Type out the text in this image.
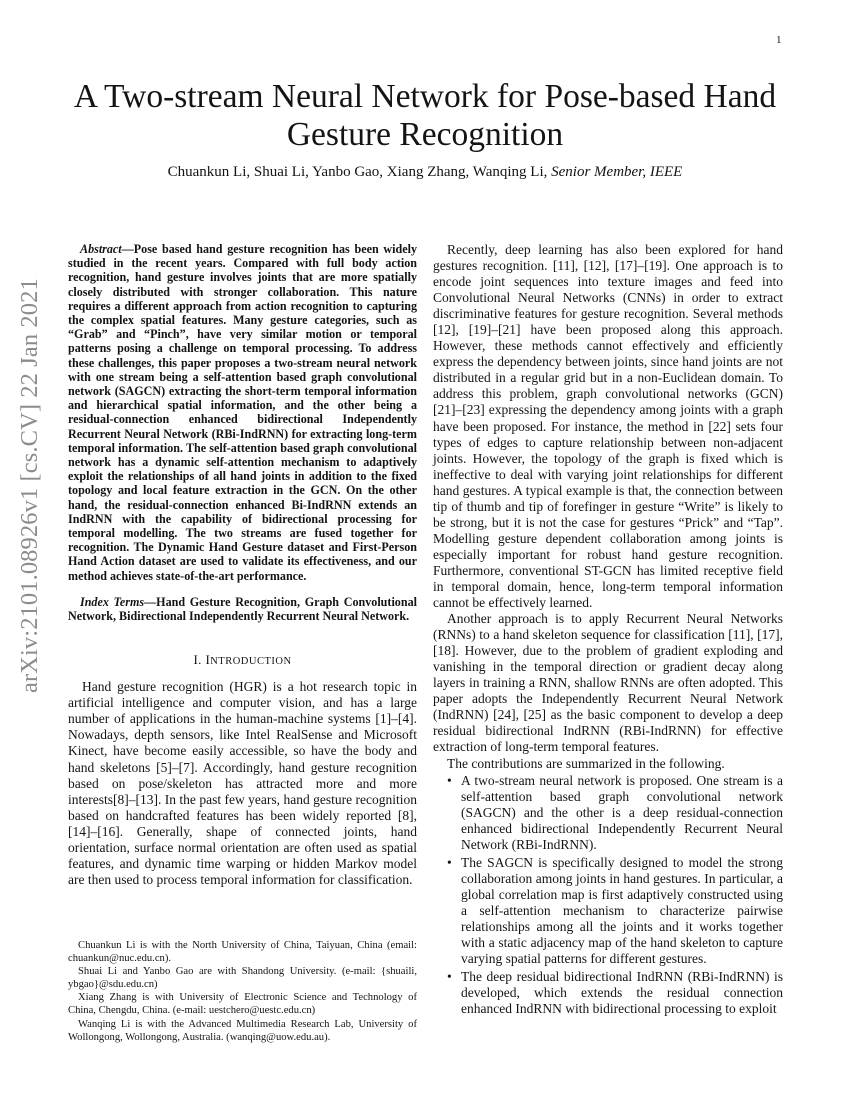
1
arXiv:2101.08926v1 [cs.CV] 22 Jan 2021
A Two-stream Neural Network for Pose-based Hand Gesture Recognition
Chuankun Li, Shuai Li, Yanbo Gao, Xiang Zhang, Wanqing Li, Senior Member, IEEE

Abstract—Pose based hand gesture recognition has been widely studied in the recent years. Compared with full body action recognition, hand gesture involves joints that are more spatially closely distributed with stronger collaboration. This nature requires a different approach from action recognition to capturing the complex spatial features. Many gesture categories, such as “Grab” and “Pinch”, have very similar motion or temporal patterns posing a challenge on temporal processing. To address these challenges, this paper proposes a two-stream neural network with one stream being a self-attention based graph convolutional network (SAGCN) extracting the short-term temporal information and hierarchical spatial information, and the other being a residual-connection enhanced bidirectional Independently Recurrent Neural Network (RBi-IndRNN) for extracting long-term temporal information. The self-attention based graph convolutional network has a dynamic self-attention mechanism to adaptively exploit the relationships of all hand joints in addition to the fixed topology and local feature extraction in the GCN. On the other hand, the residual-connection enhanced Bi-IndRNN extends an IndRNN with the capability of bidirectional processing for temporal modelling. The two streams are fused together for recognition. The Dynamic Hand Gesture dataset and First-Person Hand Action dataset are used to validate its effectiveness, and our method achieves state-of-the-art performance.

Index Terms—Hand Gesture Recognition, Graph Convolutional Network, Bidirectional Independently Recurrent Neural Network.

I. INTRODUCTION

Hand gesture recognition (HGR) is a hot research topic in artificial intelligence and computer vision, and has a large number of applications in the human-machine systems [1]–[4]. Nowadays, depth sensors, like Intel RealSense and Microsoft Kinect, have become easily accessible, so have the body and hand skeletons [5]–[7]. Accordingly, hand gesture recognition based on pose/skeleton has attracted more and more interests[8]–[13]. In the past few years, hand gesture recognition based on handcrafted features has been widely reported [8], [14]–[16]. Generally, shape of connected joints, hand orientation, surface normal orientation are often used as spatial features, and dynamic time warping or hidden Markov model are then used to process temporal information for classification.

Chuankun Li is with the North University of China, Taiyuan, China (email: chuankun@nuc.edu.cn).

Shuai Li and Yanbo Gao are with Shandong University. (e-mail: {shuaili, ybgao}@sdu.edu.cn)

Xiang Zhang is with University of Electronic Science and Technology of China, Chengdu, China. (e-mail: uestchero@uestc.edu.cn)

Wanqing Li is with the Advanced Multimedia Research Lab, University of Wollongong, Wollongong, Australia. (wanqing@uow.edu.au).

Recently, deep learning has also been explored for hand gestures recognition. [11], [12], [17]–[19]. One approach is to encode joint sequences into texture images and feed into Convolutional Neural Networks (CNNs) in order to extract discriminative features for gesture recognition. Several methods [12], [19]–[21] have been proposed along this approach. However, these methods cannot effectively and efficiently express the dependency between joints, since hand joints are not distributed in a regular grid but in a non-Euclidean domain. To address this problem, graph convolutional networks (GCN) [21]–[23] expressing the dependency among joints with a graph have been proposed. For instance, the method in [22] sets four types of edges to capture relationship between non-adjacent joints. However, the topology of the graph is fixed which is ineffective to deal with varying joint relationships for different hand gestures. A typical example is that, the connection between tip of thumb and tip of forefinger in gesture “Write” is likely to be strong, but it is not the case for gestures “Prick” and “Tap”. Modelling gesture dependent collaboration among joints is especially important for robust hand gesture recognition. Furthermore, conventional ST-GCN has limited receptive field in temporal domain, hence, long-term temporal information cannot be effectively learned.

Another approach is to apply Recurrent Neural Networks (RNNs) to a hand skeleton sequence for classification [11], [17], [18]. However, due to the problem of gradient exploding and vanishing in the temporal direction or gradient decay along layers in training a RNN, shallow RNNs are often adopted. This paper adopts the Independently Recurrent Neural Network (IndRNN) [24], [25] as the basic component to develop a deep residual bidirectional IndRNN (RBi-IndRNN) for effective extraction of long-term temporal features.

The contributions are summarized in the following.

• A two-stream neural network is proposed. One stream is a self-attention based graph convolutional network (SAGCN) and the other is a deep residual-connection enhanced bidirectional Independently Recurrent Neural Network (RBi-IndRNN).
• The SAGCN is specifically designed to model the strong collaboration among joints in hand gestures. In particular, a global correlation map is first adaptively constructed using a self-attention mechanism to characterize pairwise relationships among all the joints and it works together with a static adjacency map of the hand skeleton to capture varying spatial patterns for different gestures.
• The deep residual bidirectional IndRNN (RBi-IndRNN) is developed, which extends the residual connection enhanced IndRNN with bidirectional processing to exploit
